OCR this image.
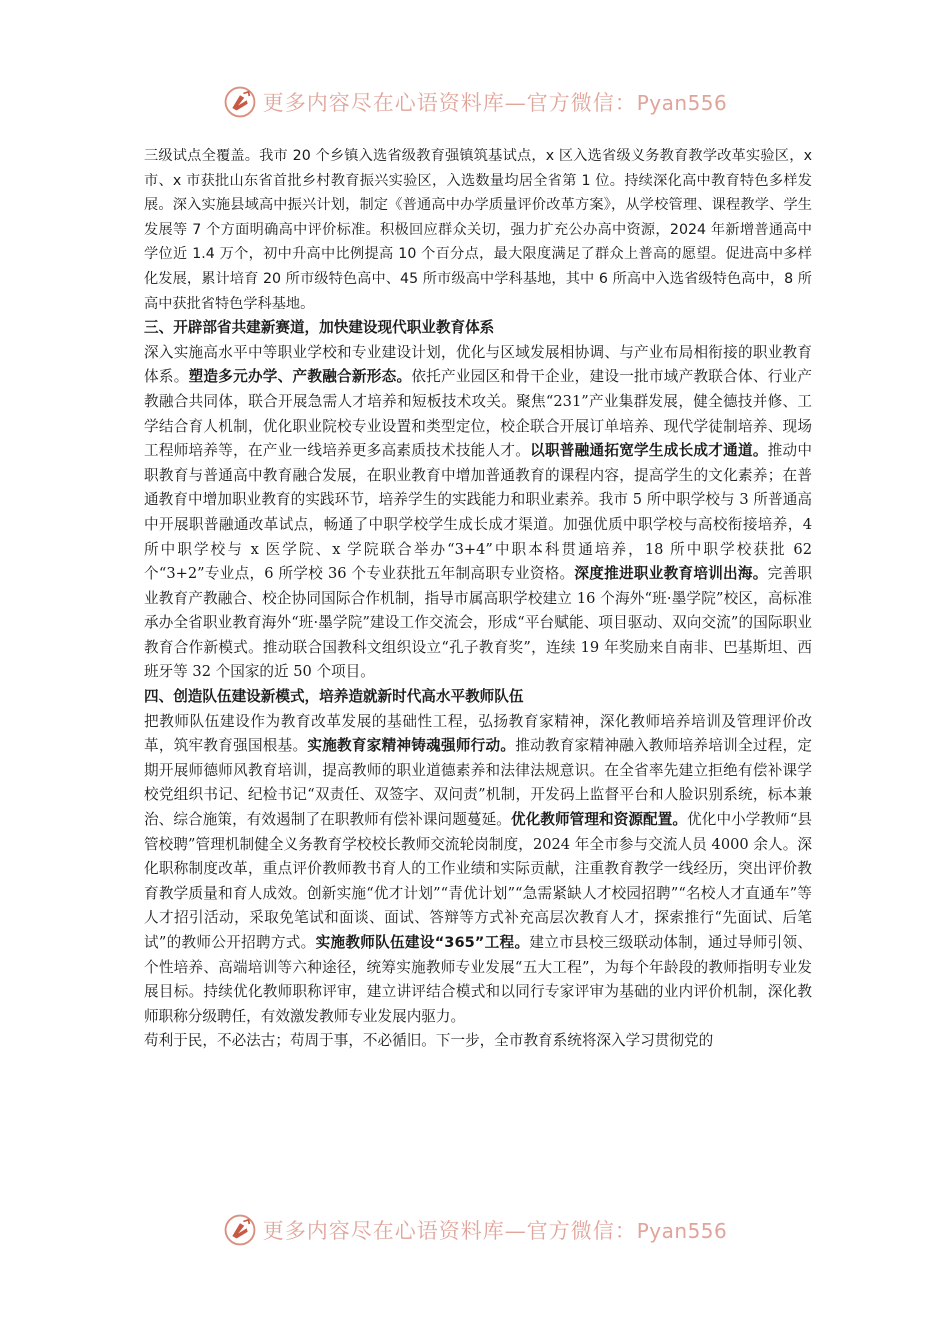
更多内容尽在心语资料库—官方微信：Pyan556

三级试点全覆盖。我市 20 个乡镇入选省级教育强镇筑基试点，x 区入选省级义务教育教学改革实验区，x 市、x 市获批山东省首批乡村教育振兴实验区，入选数量均居全省第 1 位。持续深化高中教育特色多样发展。深入实施县域高中振兴计划，制定《普通高中办学质量评价改革方案》，从学校管理、课程教学、学生发展等 7 个方面明确高中评价标准。积极回应群众关切，强力扩充公办高中资源，2024 年新增普通高中学位近 1.4 万个，初中升高中比例提高 10 个百分点，最大限度满足了群众上普高的愿望。促进高中多样化发展，累计培育 20 所市级特色高中、45 所市级高中学科基地，其中 6 所高中入选省级特色高中，8 所高中获批省特色学科基地。

三、开辟部省共建新赛道，加快建设现代职业教育体系

深入实施高水平中等职业学校和专业建设计划，优化与区域发展相协调、与产业布局相衔接的职业教育体系。塑造多元办学、产教融合新形态。依托产业园区和骨干企业，建设一批市域产教联合体、行业产教融合共同体，联合开展急需人才培养和短板技术攻关。聚焦“231”产业集群发展，健全德技并修、工学结合育人机制，优化职业院校专业设置和类型定位，校企联合开展订单培养、现代学徒制培养、现场工程师培养等，在产业一线培养更多高素质技术技能人才。以职普融通拓宽学生成长成才通道。推动中职教育与普通高中教育融合发展，在职业教育中增加普通教育的课程内容，提高学生的文化素养；在普通教育中增加职业教育的实践环节，培养学生的实践能力和职业素养。我市 5 所中职学校与 3 所普通高中开展职普融通改革试点，畅通了中职学校学生成长成才渠道。加强优质中职学校与高校衔接培养，4 所中职学校与 x 医学院、x 学院联合举办“3+4”中职本科贯通培养，18 所中职学校获批 62 个“3+2”专业点，6 所学校 36 个专业获批五年制高职专业资格。深度推进职业教育培训出海。完善职业教育产教融合、校企协同国际合作机制，指导市属高职学校建立 16 个海外“班·墨学院”校区，高标准承办全省职业教育海外“班·墨学院”建设工作交流会，形成“平台赋能、项目驱动、双向交流”的国际职业教育合作新模式。推动联合国教科文组织设立“孔子教育奖”，连续 19 年奖励来自南非、巴基斯坦、西班牙等 32 个国家的近 50 个项目。

四、创造队伍建设新模式，培养造就新时代高水平教师队伍

把教师队伍建设作为教育改革发展的基础性工程，弘扬教育家精神，深化教师培养培训及管理评价改革，筑牢教育强国根基。实施教育家精神铸魂强师行动。推动教育家精神融入教师培养培训全过程，定期开展师德师风教育培训，提高教师的职业道德素养和法律法规意识。在全省率先建立拒绝有偿补课学校党组织书记、纪检书记“双责任、双签字、双问责”机制，开发码上监督平台和人脸识别系统，标本兼治、综合施策，有效遏制了在职教师有偿补课问题蔓延。优化教师管理和资源配置。优化中小学教师“县管校聘”管理机制健全义务教育学校校长教师交流轮岗制度，2024 年全市参与交流人员 4000 余人。深化职称制度改革，重点评价教师教书育人的工作业绩和实际贡献，注重教育教学一线经历，突出评价教育教学质量和育人成效。创新实施“优才计划”“青优计划”“急需紧缺人才校园招聘”“名校人才直通车”等人才招引活动，采取免笔试和面谈、面试、答辩等方式补充高层次教育人才，探索推行“先面试、后笔试”的教师公开招聘方式。实施教师队伍建设“365”工程。建立市县校三级联动体制，通过导师引领、个性培养、高端培训等六种途径，统筹实施教师专业发展“五大工程”，为每个年龄段的教师指明专业发展目标。持续优化教师职称评审，建立讲评结合模式和以同行专家评审为基础的业内评价机制，深化教师职称分级聘任，有效激发教师专业发展内驱力。

苟利于民，不必法古；苟周于事，不必循旧。下一步，全市教育系统将深入学习贯彻党的

更多内容尽在心语资料库—官方微信：Pyan556
